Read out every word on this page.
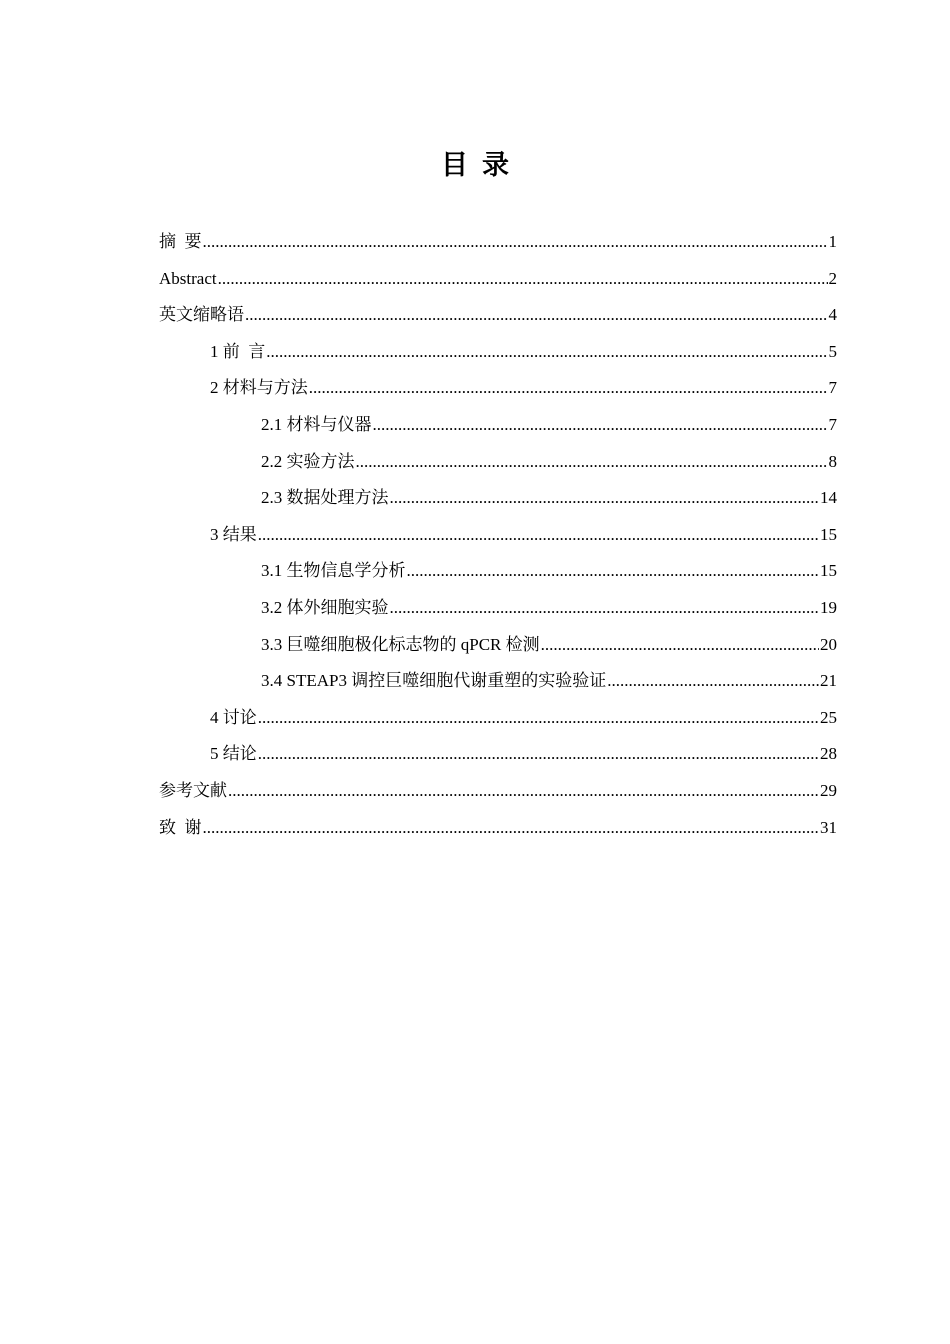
目录
摘  要 .....	1
Abstract .....	2
英文缩略语 .....	4
1 前  言 .....	5
2 材料与方法 .....	7
2.1 材料与仪器 .....	7
2.2 实验方法 .....	8
2.3 数据处理方法 .....	14
3 结果 .....	15
3.1 生物信息学分析 .....	15
3.2 体外细胞实验 .....	19
3.3 巨噬细胞极化标志物的 qPCR 检测 .....	20
3.4 STEAP3 调控巨噬细胞代谢重塑的实验验证 .....	21
4 讨论 .....	25
5 结论 .....	28
参考文献 .....	29
致  谢 .....	31
